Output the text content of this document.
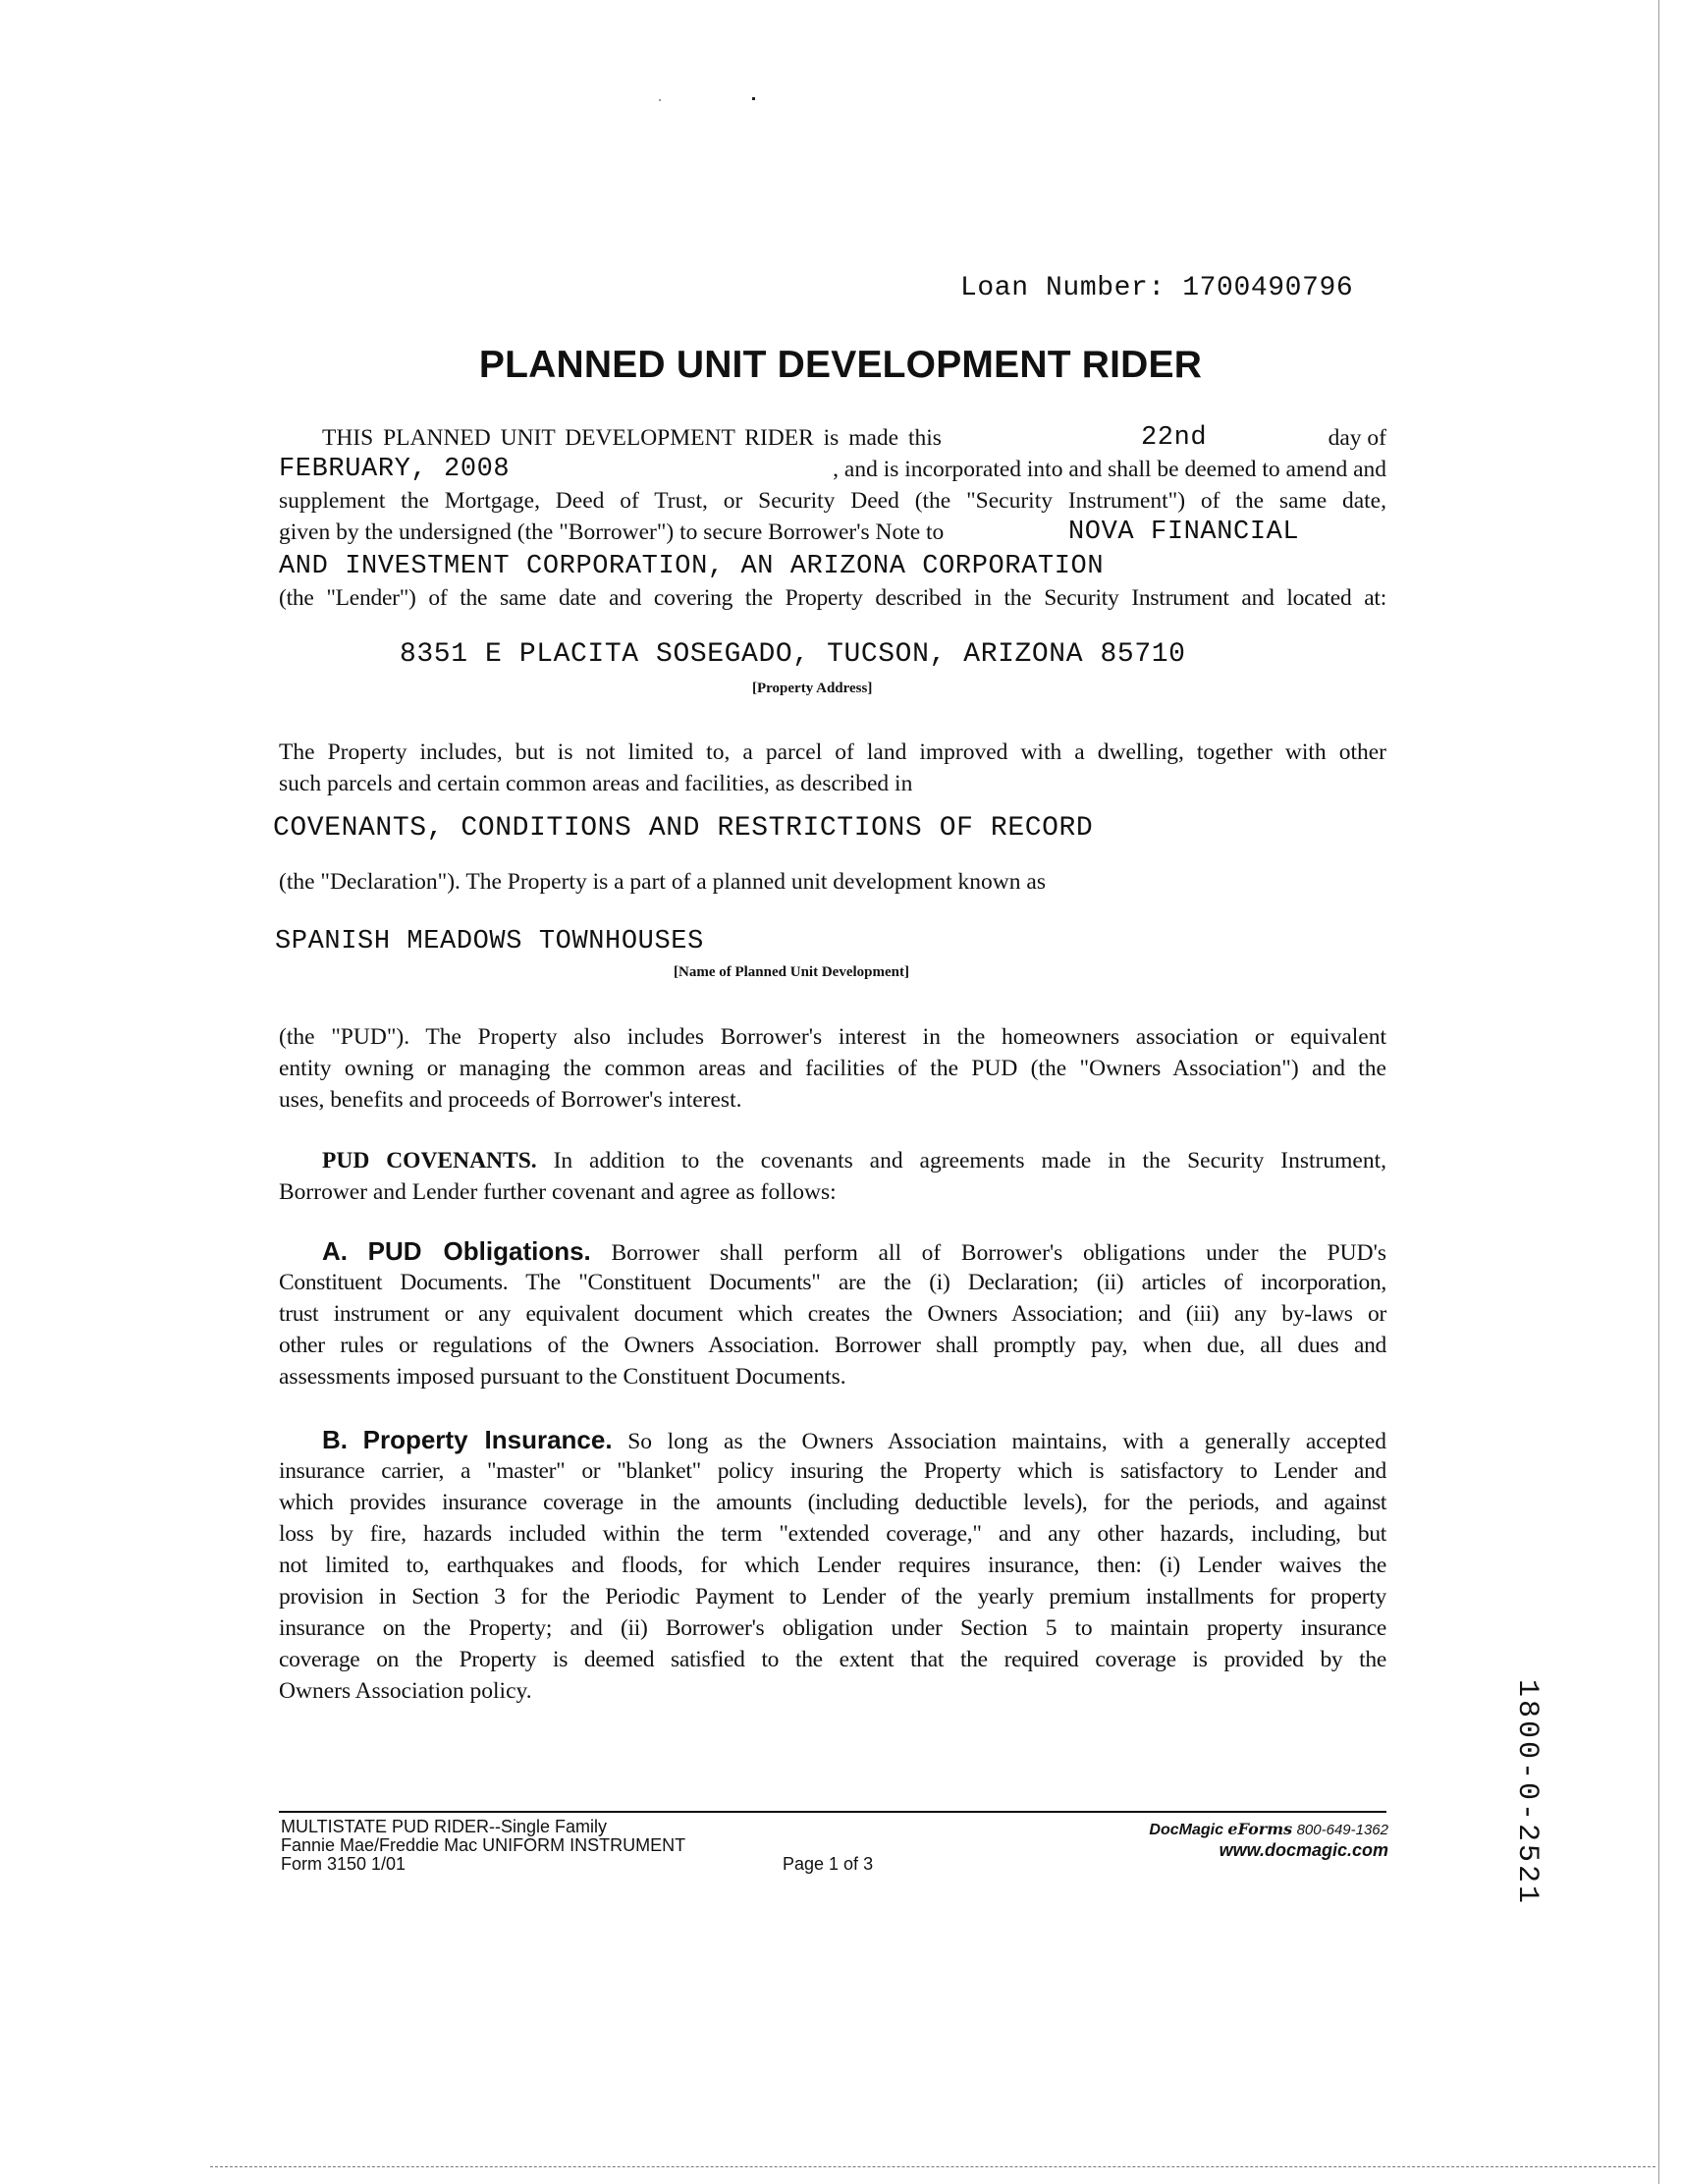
Loan Number: 1700490796
PLANNED UNIT DEVELOPMENT RIDER
THIS PLANNED UNIT DEVELOPMENT RIDER is made this	22nd	day of
FEBRUARY, 2008	, and is incorporated into and shall be deemed to amend and
supplement the Mortgage, Deed of Trust, or Security Deed (the "Security Instrument") of the same date,
given by the undersigned (the "Borrower") to secure Borrower's Note to	NOVA FINANCIAL
AND INVESTMENT CORPORATION, AN ARIZONA CORPORATION
(the "Lender") of the same date and covering the Property described in the Security Instrument and located at:
8351 E PLACITA SOSEGADO, TUCSON, ARIZONA 85710
[Property Address]
The Property includes, but is not limited to, a parcel of land improved with a dwelling, together with other
such parcels and certain common areas and facilities, as described in
COVENANTS, CONDITIONS AND RESTRICTIONS OF RECORD
(the "Declaration"). The Property is a part of a planned unit development known as
SPANISH MEADOWS TOWNHOUSES
[Name of Planned Unit Development]
(the "PUD"). The Property also includes Borrower's interest in the homeowners association or equivalent
entity owning or managing the common areas and facilities of the PUD (the "Owners Association") and the
uses, benefits and proceeds of Borrower's interest.
PUD COVENANTS. In addition to the covenants and agreements made in the Security Instrument,
Borrower and Lender further covenant and agree as follows:
A. PUD Obligations. Borrower shall perform all of Borrower's obligations under the PUD's
Constituent Documents. The "Constituent Documents" are the (i) Declaration; (ii) articles of incorporation,
trust instrument or any equivalent document which creates the Owners Association; and (iii) any by-laws or
other rules or regulations of the Owners Association. Borrower shall promptly pay, when due, all dues and
assessments imposed pursuant to the Constituent Documents.
B. Property Insurance. So long as the Owners Association maintains, with a generally accepted
insurance carrier, a "master" or "blanket" policy insuring the Property which is satisfactory to Lender and
which provides insurance coverage in the amounts (including deductible levels), for the periods, and against
loss by fire, hazards included within the term "extended coverage," and any other hazards, including, but
not limited to, earthquakes and floods, for which Lender requires insurance, then: (i) Lender waives the
provision in Section 3 for the Periodic Payment to Lender of the yearly premium installments for property
insurance on the Property; and (ii) Borrower's obligation under Section 5 to maintain property insurance
coverage on the Property is deemed satisfied to the extent that the required coverage is provided by the
Owners Association policy.
MULTISTATE PUD RIDER--Single Family
Fannie Mae/Freddie Mac UNIFORM INSTRUMENT
Form 3150 1/01	Page 1 of 3
DocMagic eForms 800-649-1362
www.docmagic.com	1800-0-2521
